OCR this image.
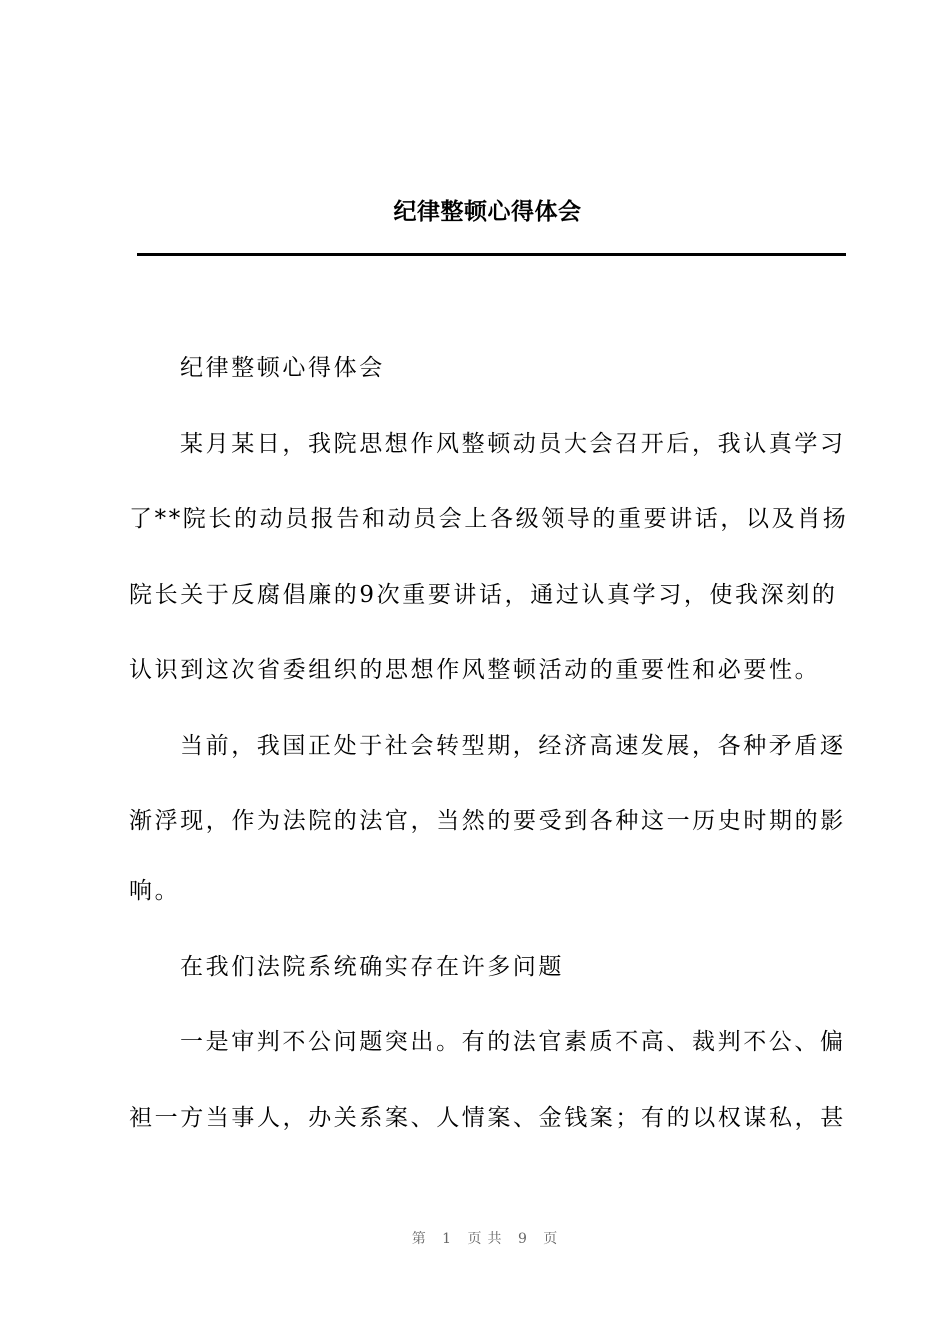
纪律整顿心得体会
纪律整顿心得体会
某月某日，我院思想作风整顿动员大会召开后，我认真学习
了**院长的动员报告和动员会上各级领导的重要讲话，以及肖扬
院长关于反腐倡廉的9次重要讲话，通过认真学习，使我深刻的
认识到这次省委组织的思想作风整顿活动的重要性和必要性。
当前，我国正处于社会转型期，经济高速发展，各种矛盾逐
渐浮现，作为法院的法官，当然的要受到各种这一历史时期的影
响。
在我们法院系统确实存在许多问题
一是审判不公问题突出。有的法官素质不高、裁判不公、偏
袒一方当事人，办关系案、人情案、金钱案；有的以权谋私，甚
第 1 页共 9 页
